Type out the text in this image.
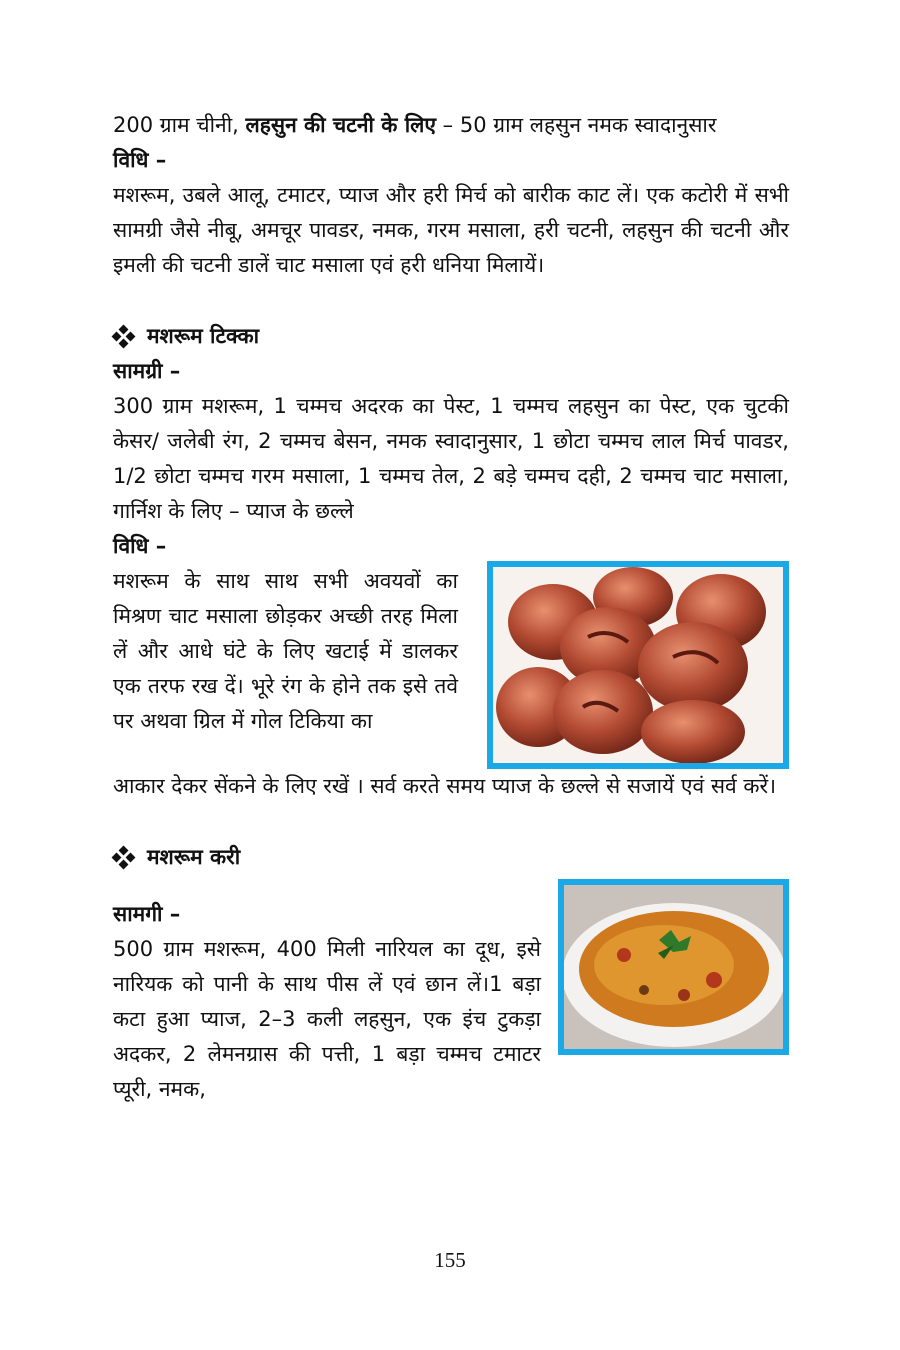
200 ग्राम चीनी, लहसुन की चटनी के लिए – 50 ग्राम लहसुन नमक स्वादानुसार

विधि –

मशरूम, उबले आलू, टमाटर, प्याज और हरी मिर्च को बारीक काट लें। एक कटोरी में सभी सामग्री जैसे नीबू, अमचूर पावडर, नमक, गरम मसाला, हरी चटनी, लहसुन की चटनी और इमली की चटनी डालें चाट मसाला एवं हरी धनिया मिलायें।

मशरूम टिक्का

सामग्री –

300 ग्राम मशरूम, 1 चम्मच अदरक का पेस्ट, 1 चम्मच लहसुन का पेस्ट, एक चुटकी केसर/ जलेबी रंग, 2 चम्मच बेसन, नमक स्वादानुसार, 1 छोटा चम्मच लाल मिर्च पावडर, 1/2 छोटा चम्मच गरम मसाला, 1 चम्मच तेल, 2 बड़े चम्मच दही, 2 चम्मच चाट मसाला, गार्निश के लिए – प्याज के छल्ले

विधि –

मशरूम के साथ साथ सभी अवयवों का मिश्रण चाट मसाला छोड़कर अच्छी तरह मिला लें और आधे घंटे के लिए खटाई में डालकर एक तरफ रख दें। भूरे रंग के होने तक इसे तवे पर अथवा ग्रिल में गोल टिकिया का

आकार देकर सेंकने के लिए रखें । सर्व करते समय प्याज के छल्ले से सजायें एवं सर्व करें।

मशरूम करी

सामगी –

500 ग्राम मशरूम, 400 मिली नारियल का दूध, इसे नारियक को पानी के साथ पीस लें एवं छान लें।1 बड़ा कटा हुआ प्याज, 2–3 कली लहसुन, एक इंच टुकड़ा अदकर, 2 लेमनग्रास की पत्ती, 1 बड़ा चम्मच टमाटर प्यूरी, नमक,

155
